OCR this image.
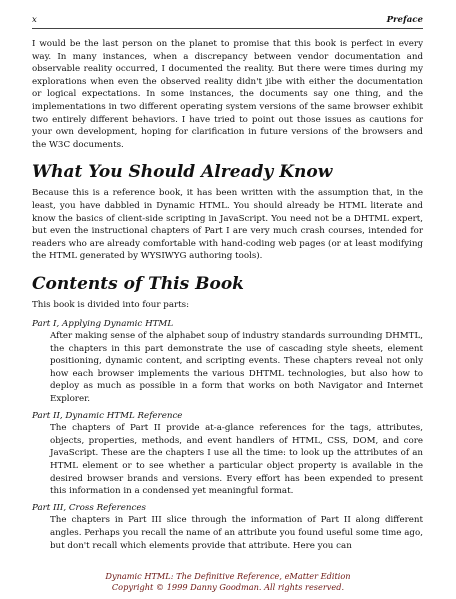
x	Preface

I would be the last person on the planet to promise that this book is perfect in every way. In many instances, when a discrepancy between vendor documentation and observable reality occurred, I documented the reality. But there were times during my explorations when even the observed reality didn't jibe with either the documentation or logical expectations. In some instances, the documents say one thing, and the implementations in two different operating system versions of the same browser exhibit two entirely different behaviors. I have tried to point out those issues as cautions for your own development, hoping for clarification in future versions of the browsers and the W3C documents.

What You Should Already Know

Because this is a reference book, it has been written with the assumption that, in the least, you have dabbled in Dynamic HTML. You should already be HTML literate and know the basics of client-side scripting in JavaScript. You need not be a DHTML expert, but even the instructional chapters of Part I are very much crash courses, intended for readers who are already comfortable with hand-coding web pages (or at least modifying the HTML generated by WYSIWYG authoring tools).

Contents of This Book

This book is divided into four parts:

Part I, Applying Dynamic HTML
After making sense of the alphabet soup of industry standards surrounding DHMTL, the chapters in this part demonstrate the use of cascading style sheets, element positioning, dynamic content, and scripting events. These chapters reveal not only how each browser implements the various DHTML technologies, but also how to deploy as much as possible in a form that works on both Navigator and Internet Explorer.
Part II, Dynamic HTML Reference
The chapters of Part II provide at-a-glance references for the tags, attributes, objects, properties, methods, and event handlers of HTML, CSS, DOM, and core JavaScript. These are the chapters I use all the time: to look up the attributes of an HTML element or to see whether a particular object property is available in the desired browser brands and versions. Every effort has been expended to present this information in a condensed yet meaningful format.
Part III, Cross References
The chapters in Part III slice through the information of Part II along different angles. Perhaps you recall the name of an attribute you found useful some time ago, but don't recall which elements provide that attribute. Here you can
Dynamic HTML: The Definitive Reference, eMatter Edition
Copyright © 1999 Danny Goodman. All rights reserved.
